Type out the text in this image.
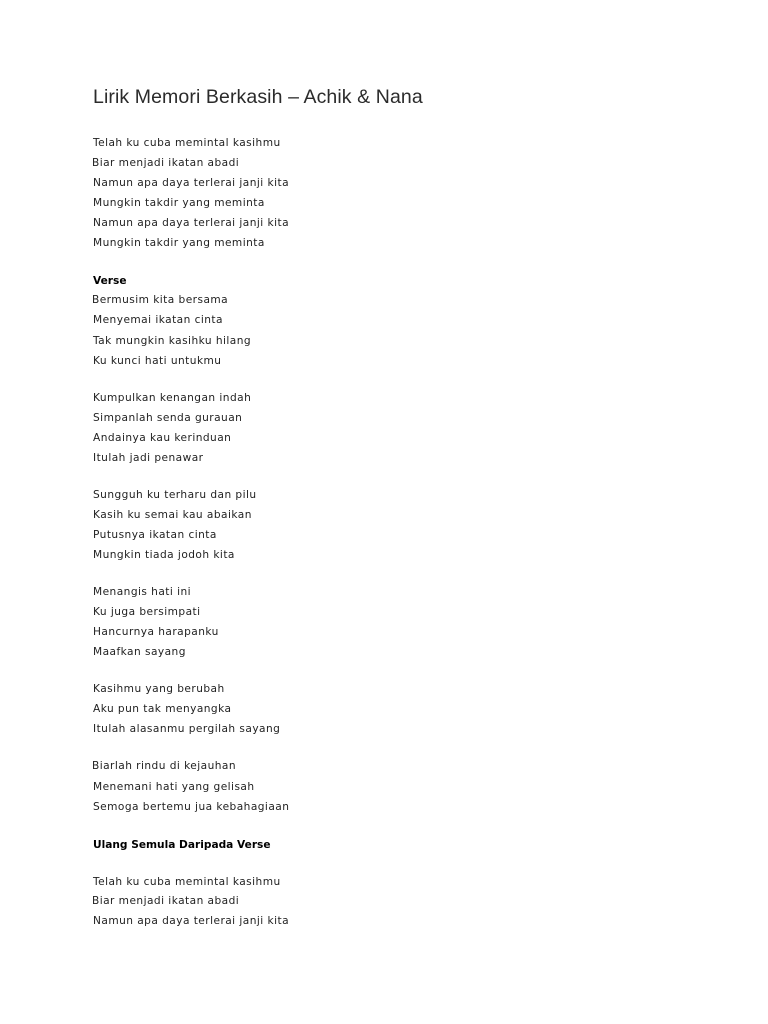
Lirik Memori Berkasih – Achik & Nana

Telah ku cuba memintal kasihmu

Biar menjadi ikatan abadi

Namun apa daya terlerai janji kita

Mungkin takdir yang meminta

Namun apa daya terlerai janji kita

Mungkin takdir yang meminta

Verse

Bermusim kita bersama

Menyemai ikatan cinta

Tak mungkin kasihku hilang

Ku kunci hati untukmu

Kumpulkan kenangan indah

Simpanlah senda gurauan

Andainya kau kerinduan

Itulah jadi penawar

Sungguh ku terharu dan pilu

Kasih ku semai kau abaikan

Putusnya ikatan cinta

Mungkin tiada jodoh kita

Menangis hati ini

Ku juga bersimpati

Hancurnya harapanku

Maafkan sayang

Kasihmu yang berubah

Aku pun tak menyangka

Itulah alasanmu pergilah sayang

Biarlah rindu di kejauhan

Menemani hati yang gelisah

Semoga bertemu jua kebahagiaan

Ulang Semula Daripada Verse

Telah ku cuba memintal kasihmu

Biar menjadi ikatan abadi

Namun apa daya terlerai janji kita
